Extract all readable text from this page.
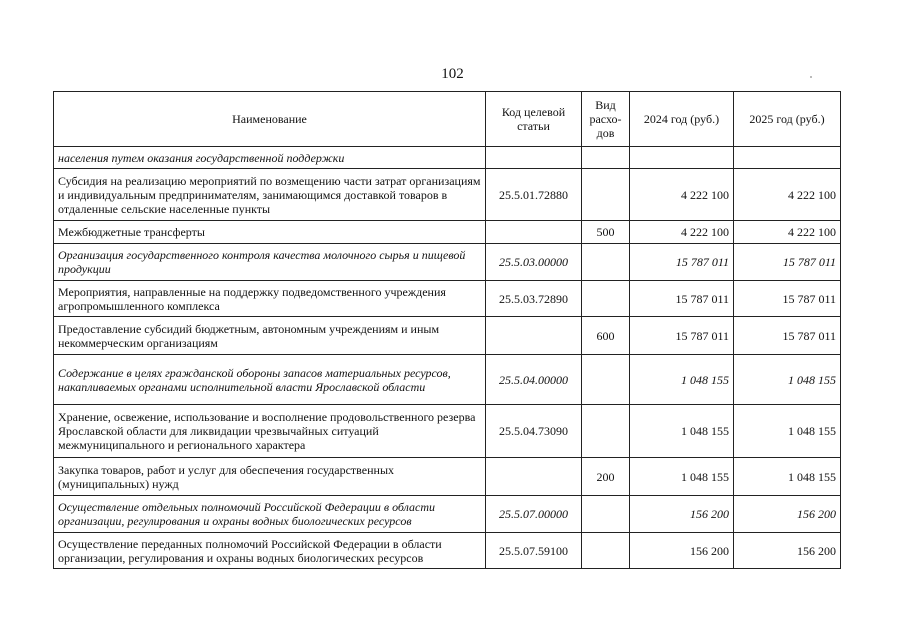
102
Наименование	Код целевой статьи	Вид расхо-дов	2024 год (руб.)	2025 год (руб.)
населения путем оказания государственной поддержки				
Субсидия на реализацию мероприятий по возмещению части затрат организациям и индивидуальным предпринимателям, занимающимся доставкой товаров в отдаленные сельские населенные пункты	25.5.01.72880		4 222 100	4 222 100
Межбюджетные трансферты		500	4 222 100	4 222 100
Организация государственного контроля качества молочного сырья и пищевой продукции	25.5.03.00000		15 787 011	15 787 011
Мероприятия, направленные на поддержку подведомственного учреждения агропромышленного комплекса	25.5.03.72890		15 787 011	15 787 011
Предоставление субсидий бюджетным, автономным учреждениям и иным некоммерческим организациям		600	15 787 011	15 787 011
Содержание в целях гражданской обороны запасов материальных ресурсов, накапливаемых органами исполнительной власти Ярославской области	25.5.04.00000		1 048 155	1 048 155
Хранение, освежение, использование и восполнение продовольственного резерва Ярославской области для ликвидации чрезвычайных ситуаций межмуниципального и регионального характера	25.5.04.73090		1 048 155	1 048 155
Закупка товаров, работ и услуг для обеспечения государственных (муниципальных) нужд		200	1 048 155	1 048 155
Осуществление отдельных полномочий Российской Федерации в области организации, регулирования и охраны водных биологических ресурсов	25.5.07.00000		156 200	156 200
Осуществление переданных полномочий Российской Федерации в области организации, регулирования и охраны водных биологических ресурсов	25.5.07.59100		156 200	156 200
